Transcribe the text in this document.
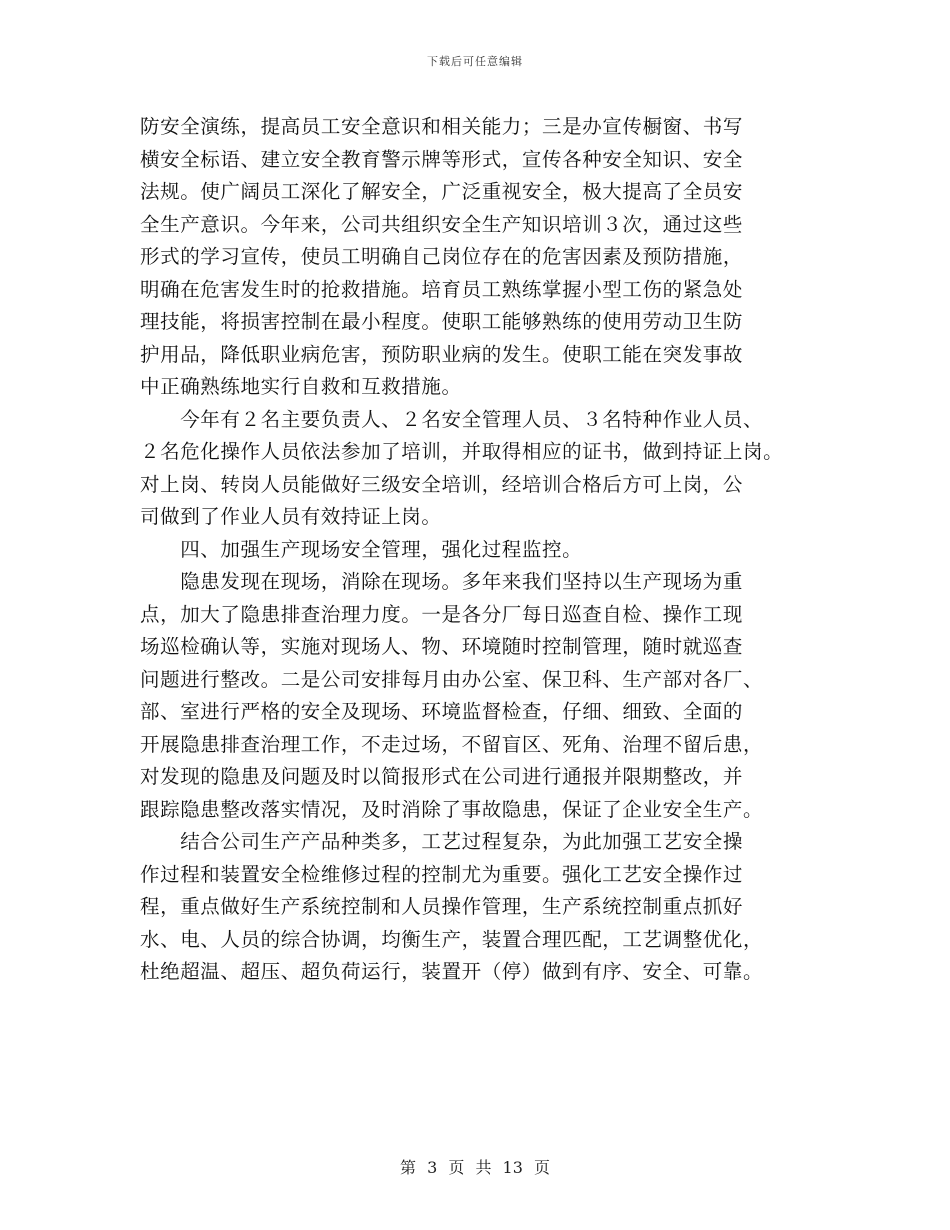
下载后可任意编辑
防安全演练，提高员工安全意识和相关能力；三是办宣传橱窗、书写
横安全标语、建立安全教育警示牌等形式，宣传各种安全知识、安全
法规。使广阔员工深化了解安全，广泛重视安全，极大提高了全员安
全生产意识。今年来，公司共组织安全生产知识培训３次，通过这些
形式的学习宣传，使员工明确自己岗位存在的危害因素及预防措施，
明确在危害发生时的抢救措施。培育员工熟练掌握小型工伤的紧急处
理技能，将损害控制在最小程度。使职工能够熟练的使用劳动卫生防
护用品，降低职业病危害，预防职业病的发生。使职工能在突发事故
中正确熟练地实行自救和互救措施。
　　今年有２名主要负责人、２名安全管理人员、３名特种作业人员、
２名危化操作人员依法参加了培训，并取得相应的证书，做到持证上岗。
对上岗、转岗人员能做好三级安全培训，经培训合格后方可上岗，公
司做到了作业人员有效持证上岗。
　　四、加强生产现场安全管理，强化过程监控。
　　隐患发现在现场，消除在现场。多年来我们坚持以生产现场为重
点，加大了隐患排查治理力度。一是各分厂每日巡查自检、操作工现
场巡检确认等，实施对现场人、物、环境随时控制管理，随时就巡查
问题进行整改。二是公司安排每月由办公室、保卫科、生产部对各厂、
部、室进行严格的安全及现场、环境监督检查，仔细、细致、全面的
开展隐患排查治理工作，不走过场，不留盲区、死角、治理不留后患，
对发现的隐患及问题及时以简报形式在公司进行通报并限期整改，并
跟踪隐患整改落实情况，及时消除了事故隐患，保证了企业安全生产。
　　结合公司生产产品种类多，工艺过程复杂，为此加强工艺安全操
作过程和装置安全检维修过程的控制尤为重要。强化工艺安全操作过
程，重点做好生产系统控制和人员操作管理，生产系统控制重点抓好
水、电、人员的综合协调，均衡生产，装置合理匹配，工艺调整优化，
杜绝超温、超压、超负荷运行，装置开（停）做到有序、安全、可靠。
第 3 页 共 13 页
